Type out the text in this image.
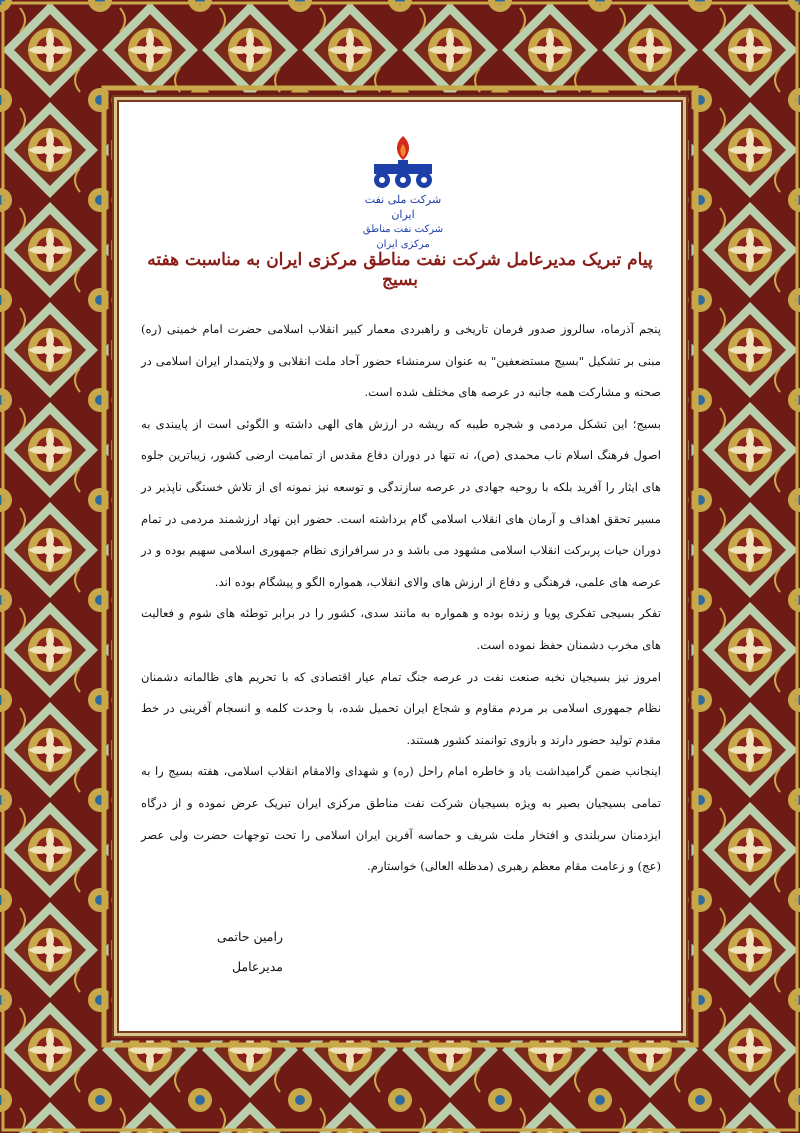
شرکت ملی نفت ایران
شرکت نفت مناطق مرکزی ایران
پیام تبریک مدیرعامل شرکت نفت مناطق مرکزی ایران به مناسبت هفته بسیج

پنجم آذرماه، سالروز صدور فرمان تاریخی و راهبردی معمار کبیر انقلاب اسلامی حضرت امام خمینی (ره) مبنی بر تشکیل "بسیج مستضعفین" به عنوان سرمنشاء حضور آحاد ملت انقلابی و ولایتمدار ایران اسلامی در صحنه و مشارکت همه جانبه در عرصه های مختلف شده است.

بسیج؛ این تشکل مردمی و شجره طیبه که ریشه در ارزش های الهی داشته و الگوئی است از پایبندی به اصول فرهنگ اسلام ناب محمدی (ص)، نه تنها در دوران دفاع مقدس از تمامیت ارضی کشور، زیباترین جلوه های ایثار را آفرید بلکه با روحیه جهادی در عرصه سازندگی و توسعه نیز نمونه ای از تلاش خستگی ناپذیر در مسیر تحقق اهداف و آرمان های انقلاب اسلامی گام برداشته است. حضور این نهاد ارزشمند مردمی در تمام دوران حیات پربرکت انقلاب اسلامی مشهود می باشد و در سرافرازی نظام جمهوری اسلامی سهیم بوده و در عرصه های علمی، فرهنگی و دفاع از ارزش های والای انقلاب، همواره الگو و پیشگام بوده اند.

تفکر بسیجی تفکری پویا و زنده بوده و همواره به مانند سدی، کشور را در برابر توطئه های شوم و فعالیت های مخرب دشمنان حفظ نموده است.

امروز نیز بسیجیان نخبه صنعت نفت در عرصه جنگ تمام عیار اقتصادی که با تحریم های ظالمانه دشمنان نظام جمهوری اسلامی بر مردم مقاوم و شجاع ایران تحمیل شده، با وحدت کلمه و انسجام آفرینی در خط مقدم تولید حضور دارند و بازوی توانمند کشور هستند.

اینجانب ضمن گرامیداشت یاد و خاطره امام راحل (ره) و شهدای والامقام انقلاب اسلامی، هفته بسیج را به تمامی بسیجیان بصیر به ویژه بسیجیان شرکت نفت مناطق مرکزی ایران تبریک عرض نموده و از درگاه ایزدمنان سربلندی و افتخار ملت شریف و حماسه آفرین ایران اسلامی را تحت توجهات حضرت ولی عصر (عج) و زعامت مقام معظم رهبری (مدظله العالی) خواستارم.

رامین حاتمی
مدیرعامل
